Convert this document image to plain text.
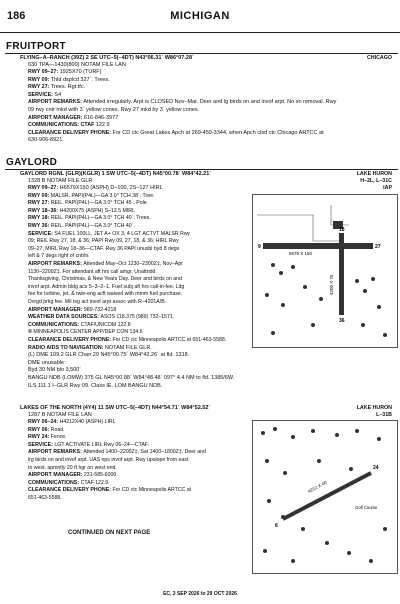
186	MICHIGAN
FRUITPORT
FLYING–A–RANCH (39Z) 2 SE UTC–5(–4DT) N43°06.31´ W86°07.28´	CHICAGO
630 TPA—1430(800) NOTAM FILE LAN
RWY 09–27: 1925X70 (TURF)
RWY 09: Thld dsplcd 327´. Trees.
RWY 27: Trees. Rgt tfc.
SERVICE: S4
AIRPORT REMARKS: Attended irregularly. Arpt is CLOSED Nov–Mar. Deer and lg birds on and invof arpt. No sn removal. Rwy
09 rwy cntr mkd with 3´ yellow cones. Rwy 27 mkd by 3´ yellow cones.
AIRPORT MANAGER: 616-846-3977
COMMUNICATIONS: CTAF 122.9
CLEARANCE DELIVERY PHONE: For CD ctc Great Lakes Apch at 269-459-3344, when Apch clsd ctc Chicago ARTCC at
630-906-8921.
GAYLORD
GAYLORD RGNL (GLR)(KGLR) 1 SW UTC–5(–4DT) N45°00.78´ W84°42.21´	LAKE HURON
H–2L, L–31C
IAP
1328 B NOTAM FILE GLR
RWY 09–27: H6579X150 (ASPH) D–100, 2S–127 HIRL
RWY 09: MALSR. PAPI(P4L)—GA 3.0° TCH 38´. Tree.
RWY 27: REIL. PAPI(P4L)—GA 3.0° TCH 45´. Pole.
RWY 18–36: H4200X75 (ASPH) S–12.5 MIRL
RWY 18: REIL. PAPI(P4L)—GA 3.0° TCH 40´. Trees.
RWY 36: REIL. PAPI(P4L)—GA 3.0° TCH 40´.
SERVICE: S4 FUEL 100LL, JET A+ OX 3, 4 LGT ACTVT MALSR Rwy
09; REIL Rwy 27, 18, & 36; PAPI Rwy 09, 27, 18, & 36; HIRL Rwy
09–27; MIRL Rwy 18–36—CTAF. Rwy 36 PAPI unusbl byd 8 degs
left & 7 degs right of cntrln.
AIRPORT REMARKS: Attended May–Oct 1230–2300Z‡, Nov–Apr
1130–2200Z‡. For attendant aft hrs call amgr. Unattndd
Thanksgiving, Christmas, & New Years Day. Deer and birds on and
invof arpt. Admin bldg acs 5–3–2–1. Fuel subj aft hrs call-in-fee. Ldg
fee for turbine, jet, & twin-eng acft waived with mmm fuel purchase.
Dvrgd prkg fee. Mil tsg act invof arpt assoc with R–4201A/B.
AIRPORT MANAGER: 989-732-4218
WEATHER DATA SOURCES: ASOS 118.375 (989) 732–1571.
COMMUNICATIONS: CTAF/UNICOM 122.8
® MINNEAPOLIS CENTER APP/DEP CON 134.6
CLEARANCE DELIVERY PHONE: For CD ctc Minneapolis ARTCC at 651-463-5588.
RADIO AIDS TO NAVIGATION: NOTAM FILE GLR.
(L) DME 109.2 GLR Chan 29 N45°00.75´ W84°42.26´ at fld. 1318.
DME unusable:
Byd 30 NM blo 3,500´
BANGU NDB (LOMW) 375 GL N45°00.88´ W84°48.48´ 097° 4.4 NM to fld. 1385/6W.
ILS 111.1 I–GLR Rwy 09. Class IE. LOM BANGU NDB.
6579 X 150
9	27
4200 X 75
18
36
LAKES OF THE NORTH (4Y4) 11 SW UTC–5(–4DT) N44°54.71´ W84°52.52´	LAKE HURON
L–31B
1287 B NOTAM FILE LAN
RWY 06–24: H4212X40 (ASPH) LIRL
RWY 06: Road.
RWY 24: Fence.
SERVICE: LGT ACTIVATE LIRL Rwy 06–24—CTAF.
AIRPORT REMARKS: Attended 1400–2200Z‡, Sat 1400–1800Z‡. Deer and
lrg birds on and invof arpt. UAS ops invof arpt. Rwy upslope from east
to west, apmntly 20 ft hgr on west end.
AIRPORT MANAGER: 231-585-6000
COMMUNICATIONS: CTAF 122.9
CLEARANCE DELIVERY PHONE: For CD ctc Minneapolis ARTCC at
651-463-5588.
4212 X 40
6
24
Golf Course
CONTINUED ON NEXT PAGE
EC, 3 SEP 2026 to 29 OCT 2026
